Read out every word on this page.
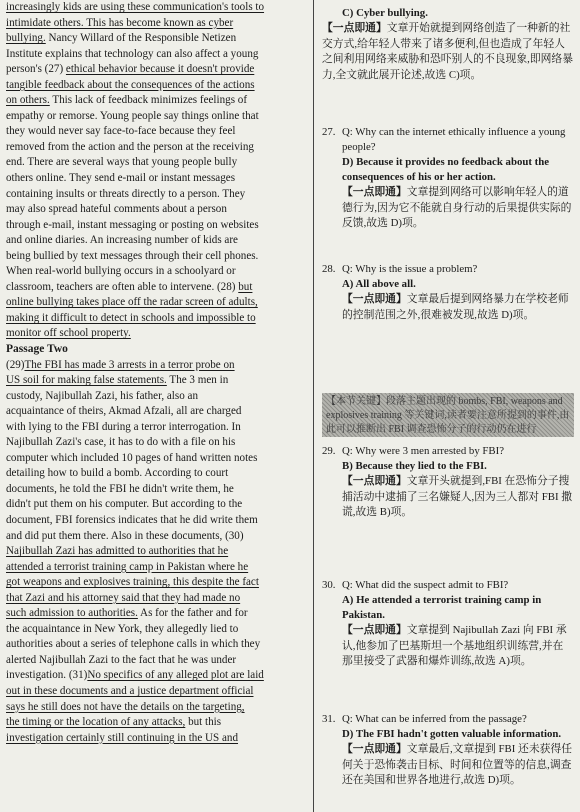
increasingly kids are using these communication's tools to

intimidate others. This has become known as cyber

bullying. Nancy Willard of the Responsible Netizen

Institute explains that technology can also affect a young

person's (27) ethical behavior because it doesn't provide

tangible feedback about the consequences of the actions

on others. This lack of feedback minimizes feelings of

empathy or remorse. Young people say things online that

they would never say face-to-face because they feel

removed from the action and the person at the receiving

end. There are several ways that young people bully

others online. They send e-mail or instant messages

containing insults or threats directly to a person. They

may also spread hateful comments about a person

through e-mail, instant messaging or posting on websites

and online diaries. An increasing number of kids are

being bullied by text messages through their cell phones.

When real-world bullying occurs in a schoolyard or

classroom, teachers are often able to intervene. (28) but

online bullying takes place off the radar screen of adults,

making it difficult to detect in schools and impossible to

monitor off school property.

Passage Two

(29)The FBI has made 3 arrests in a terror probe on

US soil for making false statements. The 3 men in

custody, Najibullah Zazi, his father, also an

acquaintance of theirs, Akmad Afzali, all are charged

with lying to the FBI during a terror interrogation. In

Najibullah Zazi's case, it has to do with a file on his

computer which included 10 pages of hand written notes

detailing how to build a bomb. According to court

documents, he told the FBI he didn't write them, he

didn't put them on his computer. But according to the

document, FBI forensics indicates that he did write them

and did put them there. Also in these documents, (30)

Najibullah Zazi has admitted to authorities that he

attended a terrorist training camp in Pakistan where he

got weapons and explosives training, this despite the fact

that Zazi and his attorney said that they had made no

such admission to authorities. As for the father and for

the acquaintance in New York, they allegedly lied to

authorities about a series of telephone calls in which they

alerted Najibullah Zazi to the fact that he was under

investigation. (31)No specifics of any alleged plot are laid

out in these documents and a justice department official

says he still does not have the details on the targeting,

the timing or the location of any attacks, but this

investigation certainly still continuing in the US and

C) Cyber bullying.

【一点即通】文章开始就提到网络创造了一种新的社交方式,给年轻人带来了诸多便利,但也造成了年轻人之间利用网络来威胁和恐吓别人的不良现象,即网络暴力,全文就此展开论述,故选 C)项。

27. Q: Why can the internet ethically influence a young people?

D) Because it provides no feedback about the consequences of his or her action.

【一点即通】文章提到网络可以影响年轻人的道德行为,因为它不能就自身行动的后果提供实际的反馈,故选 D)项。

28. Q: Why is the issue a problem?

A) All above all.

【一点即通】文章最后提到网络暴力在学校老师的控制范围之外,很难被发现,故选 D)项。

【本节关键】段落主题出现的 bombs, FBI, weapons and explosives training 等关键词,读者要注意所提到的事件,由此可以推断出 FBI 调查恐怖分子的行动仍在进行

29. Q: Why were 3 men arrested by FBI?

B) Because they lied to the FBI.

【一点即通】文章开头就提到,FBI 在恐怖分子搜捕活动中逮捕了三名嫌疑人,因为三人都对 FBI 撒谎,故选 B)项。

30. Q: What did the suspect admit to FBI?

A) He attended a terrorist training camp in Pakistan.

【一点即通】文章提到 Najibullah Zazi 向 FBI 承认,他参加了巴基斯坦一个基地组织训练营,并在那里接受了武器和爆炸训练,故选 A)项。

31. Q: What can be inferred from the passage?

D) The FBI hadn't gotten valuable information.

【一点即通】文章最后,文章提到 FBI 还未获得任何关于恐怖袭击目标、时间和位置等的信息,调查还在美国和世界各地进行,故选 D)项。
